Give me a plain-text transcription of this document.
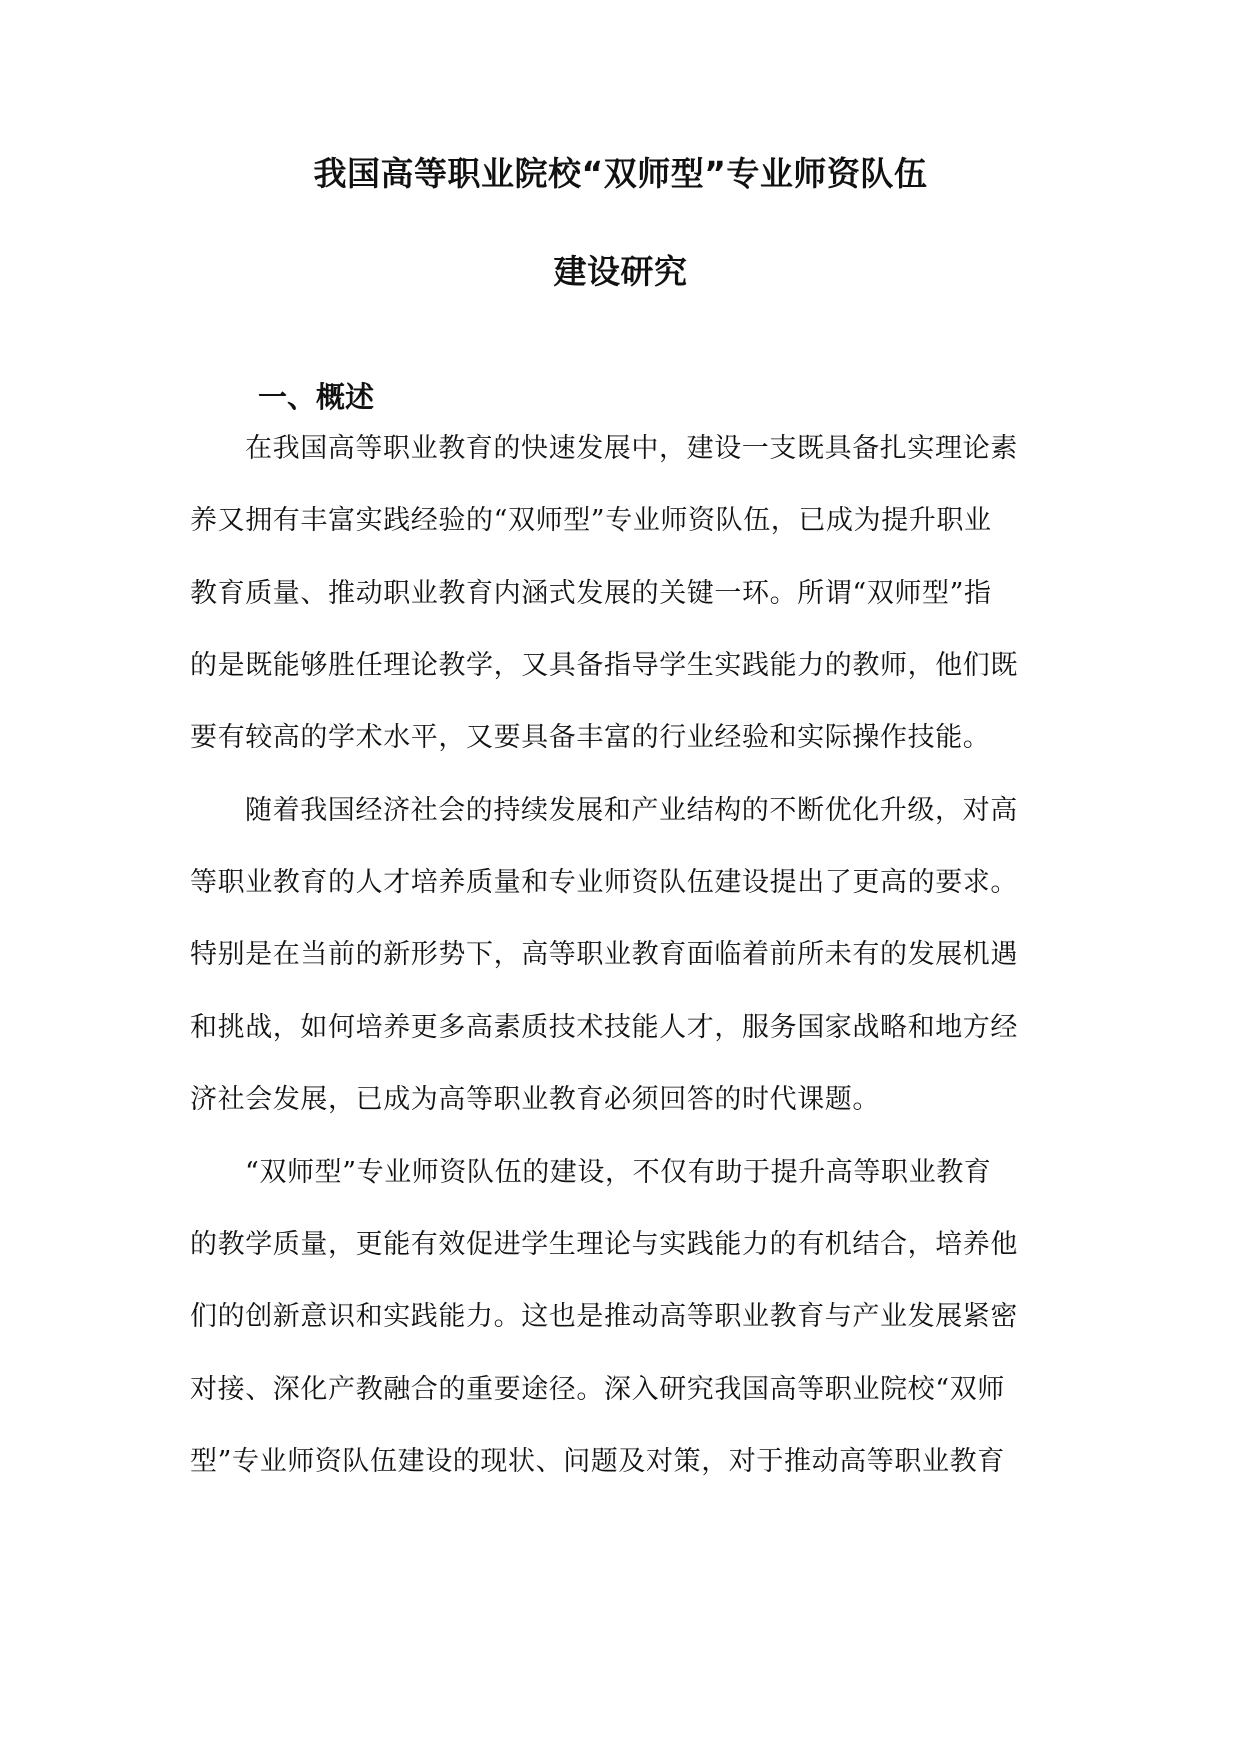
我国高等职业院校“双师型”专业师资队伍
建设研究
一、概述
在我国高等职业教育的快速发展中，建设一支既具备扎实理论素
养又拥有丰富实践经验的“双师型”专业师资队伍，已成为提升职业
教育质量、推动职业教育内涵式发展的关键一环。所谓“双师型”指
的是既能够胜任理论教学，又具备指导学生实践能力的教师，他们既
要有较高的学术水平，又要具备丰富的行业经验和实际操作技能。
随着我国经济社会的持续发展和产业结构的不断优化升级，对高
等职业教育的人才培养质量和专业师资队伍建设提出了更高的要求。
特别是在当前的新形势下，高等职业教育面临着前所未有的发展机遇
和挑战，如何培养更多高素质技术技能人才，服务国家战略和地方经
济社会发展，已成为高等职业教育必须回答的时代课题。
“双师型”专业师资队伍的建设，不仅有助于提升高等职业教育
的教学质量，更能有效促进学生理论与实践能力的有机结合，培养他
们的创新意识和实践能力。这也是推动高等职业教育与产业发展紧密
对接、深化产教融合的重要途径。深入研究我国高等职业院校“双师
型”专业师资队伍建设的现状、问题及对策，对于推动高等职业教育
